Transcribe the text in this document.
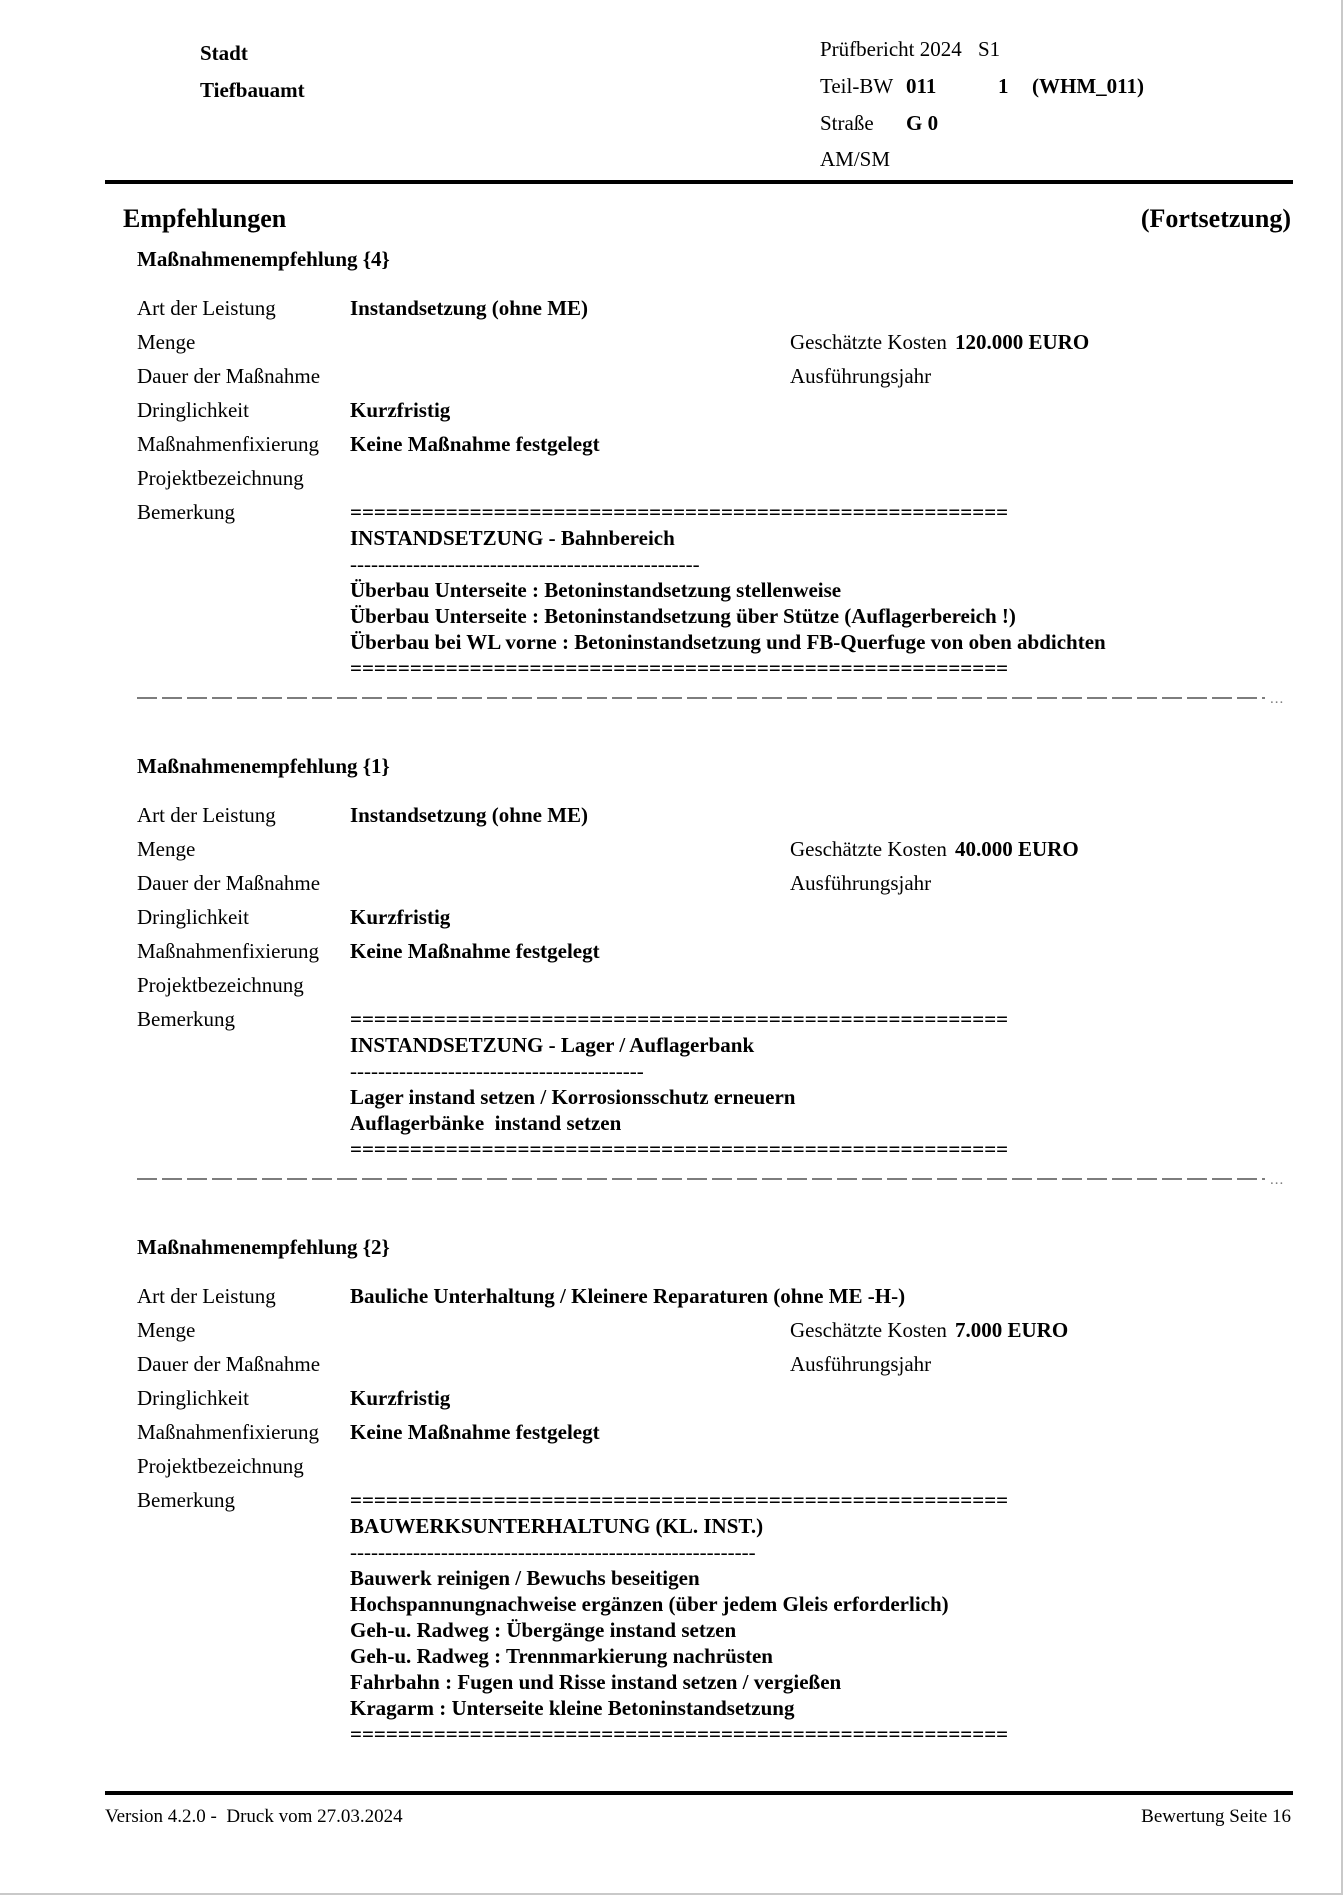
Stadt
Tiefbauamt
Prüfbericht 2024 S1
Teil-BW 011	1 (WHM_011)
Straße G 0
AM/SM
Empfehlungen	(Fortsetzung)
Maßnahmenempfehlung {4}
Art der Leistung	Instandsetzung (ohne ME)
Menge	Geschätzte Kosten 120.000 EURO
Dauer der Maßnahme	Ausführungsjahr
Dringlichkeit	Kurzfristig
Maßnahmenfixierung Keine Maßnahme festgelegt
Projektbezeichnung
Bemerkung	=======================================================
INSTANDSETZUNG - Bahnbereich
--------------------------------------------------
Überbau Unterseite : Betoninstandsetzung stellenweise
Überbau Unterseite : Betoninstandsetzung über Stütze (Auflagerbereich !)
Überbau bei WL vorne : Betoninstandsetzung und FB-Querfuge von oben abdichten
=======================================================
...
Maßnahmenempfehlung {1}
Art der Leistung	Instandsetzung (ohne ME)
Menge	Geschätzte Kosten 40.000 EURO
Dauer der Maßnahme	Ausführungsjahr
Dringlichkeit	Kurzfristig
Maßnahmenfixierung Keine Maßnahme festgelegt
Projektbezeichnung
Bemerkung	=======================================================
INSTANDSETZUNG - Lager / Auflagerbank
------------------------------------------
Lager instand setzen / Korrosionsschutz erneuern
Auflagerbänke  instand setzen
=======================================================
...
Maßnahmenempfehlung {2}
Art der Leistung	Bauliche Unterhaltung / Kleinere Reparaturen (ohne ME -H-)
Menge	Geschätzte Kosten 7.000 EURO
Dauer der Maßnahme	Ausführungsjahr
Dringlichkeit	Kurzfristig
Maßnahmenfixierung Keine Maßnahme festgelegt
Projektbezeichnung
Bemerkung	=======================================================
BAUWERKSUNTERHALTUNG (KL. INST.)
----------------------------------------------------------
Bauwerk reinigen / Bewuchs beseitigen
Hochspannungnachweise ergänzen (über jedem Gleis erforderlich)
Geh-u. Radweg : Übergänge instand setzen
Geh-u. Radweg : Trennmarkierung nachrüsten
Fahrbahn : Fugen und Risse instand setzen / vergießen
Kragarm : Unterseite kleine Betoninstandsetzung
=======================================================
Version 4.2.0 -  Druck vom 27.03.2024	Bewertung Seite 16
